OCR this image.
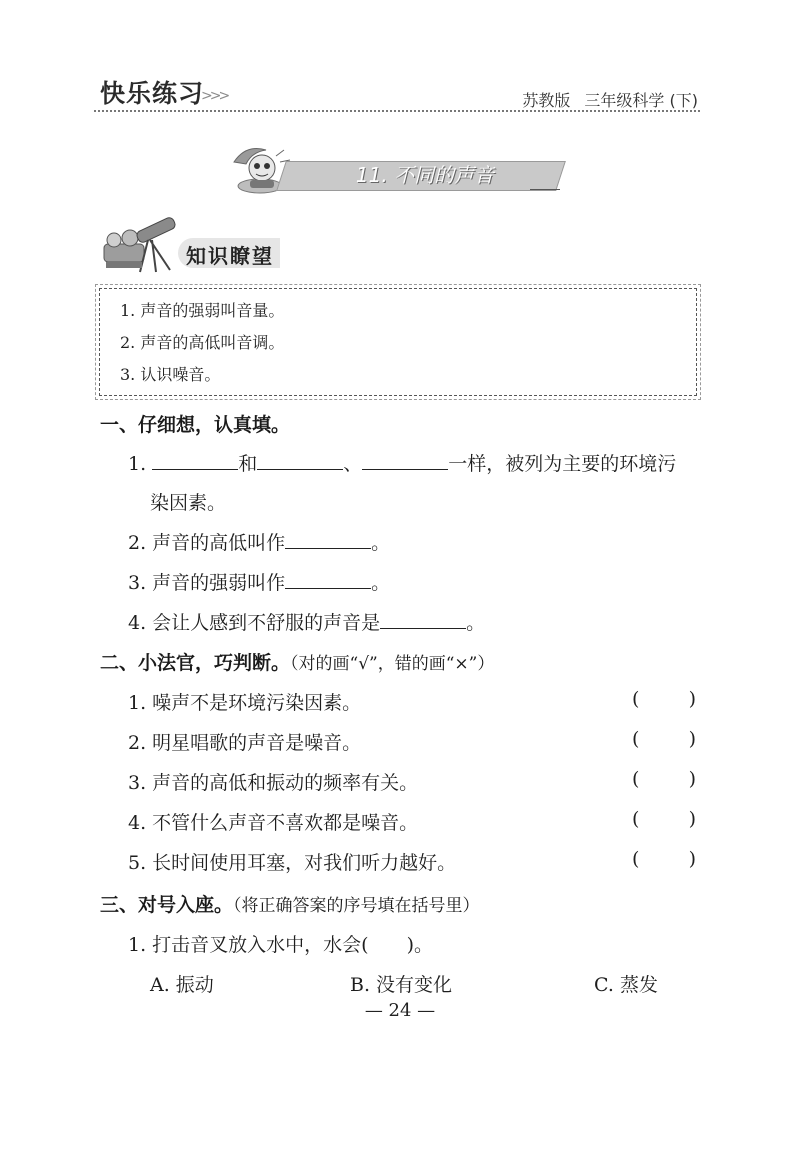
快乐练习
>>>	苏教版 三年级科学 (下)
11. 不同的声音
知识瞭望
1. 声音的强弱叫音量。
2. 声音的高低叫音调。
3. 认识噪音。
一、仔细想，认真填。
1.	和	、	一样，被列为主要的环境污
染因素。
2. 声音的高低叫作	。
3. 声音的强弱叫作	。
4. 会让人感到不舒服的声音是	。
二、小法官，巧判断。（对的画“√”，错的画“×”）
1. 噪声不是环境污染因素。	(	)
2. 明星唱歌的声音是噪音。	(	)
3. 声音的高低和振动的频率有关。	(	)
4. 不管什么声音不喜欢都是噪音。	(	)
5. 长时间使用耳塞，对我们听力越好。	(	)
三、对号入座。（将正确答案的序号填在括号里）
1. 打击音叉放入水中，水会(　　)。
A. 振动	B. 没有变化	C. 蒸发
— 24 —
